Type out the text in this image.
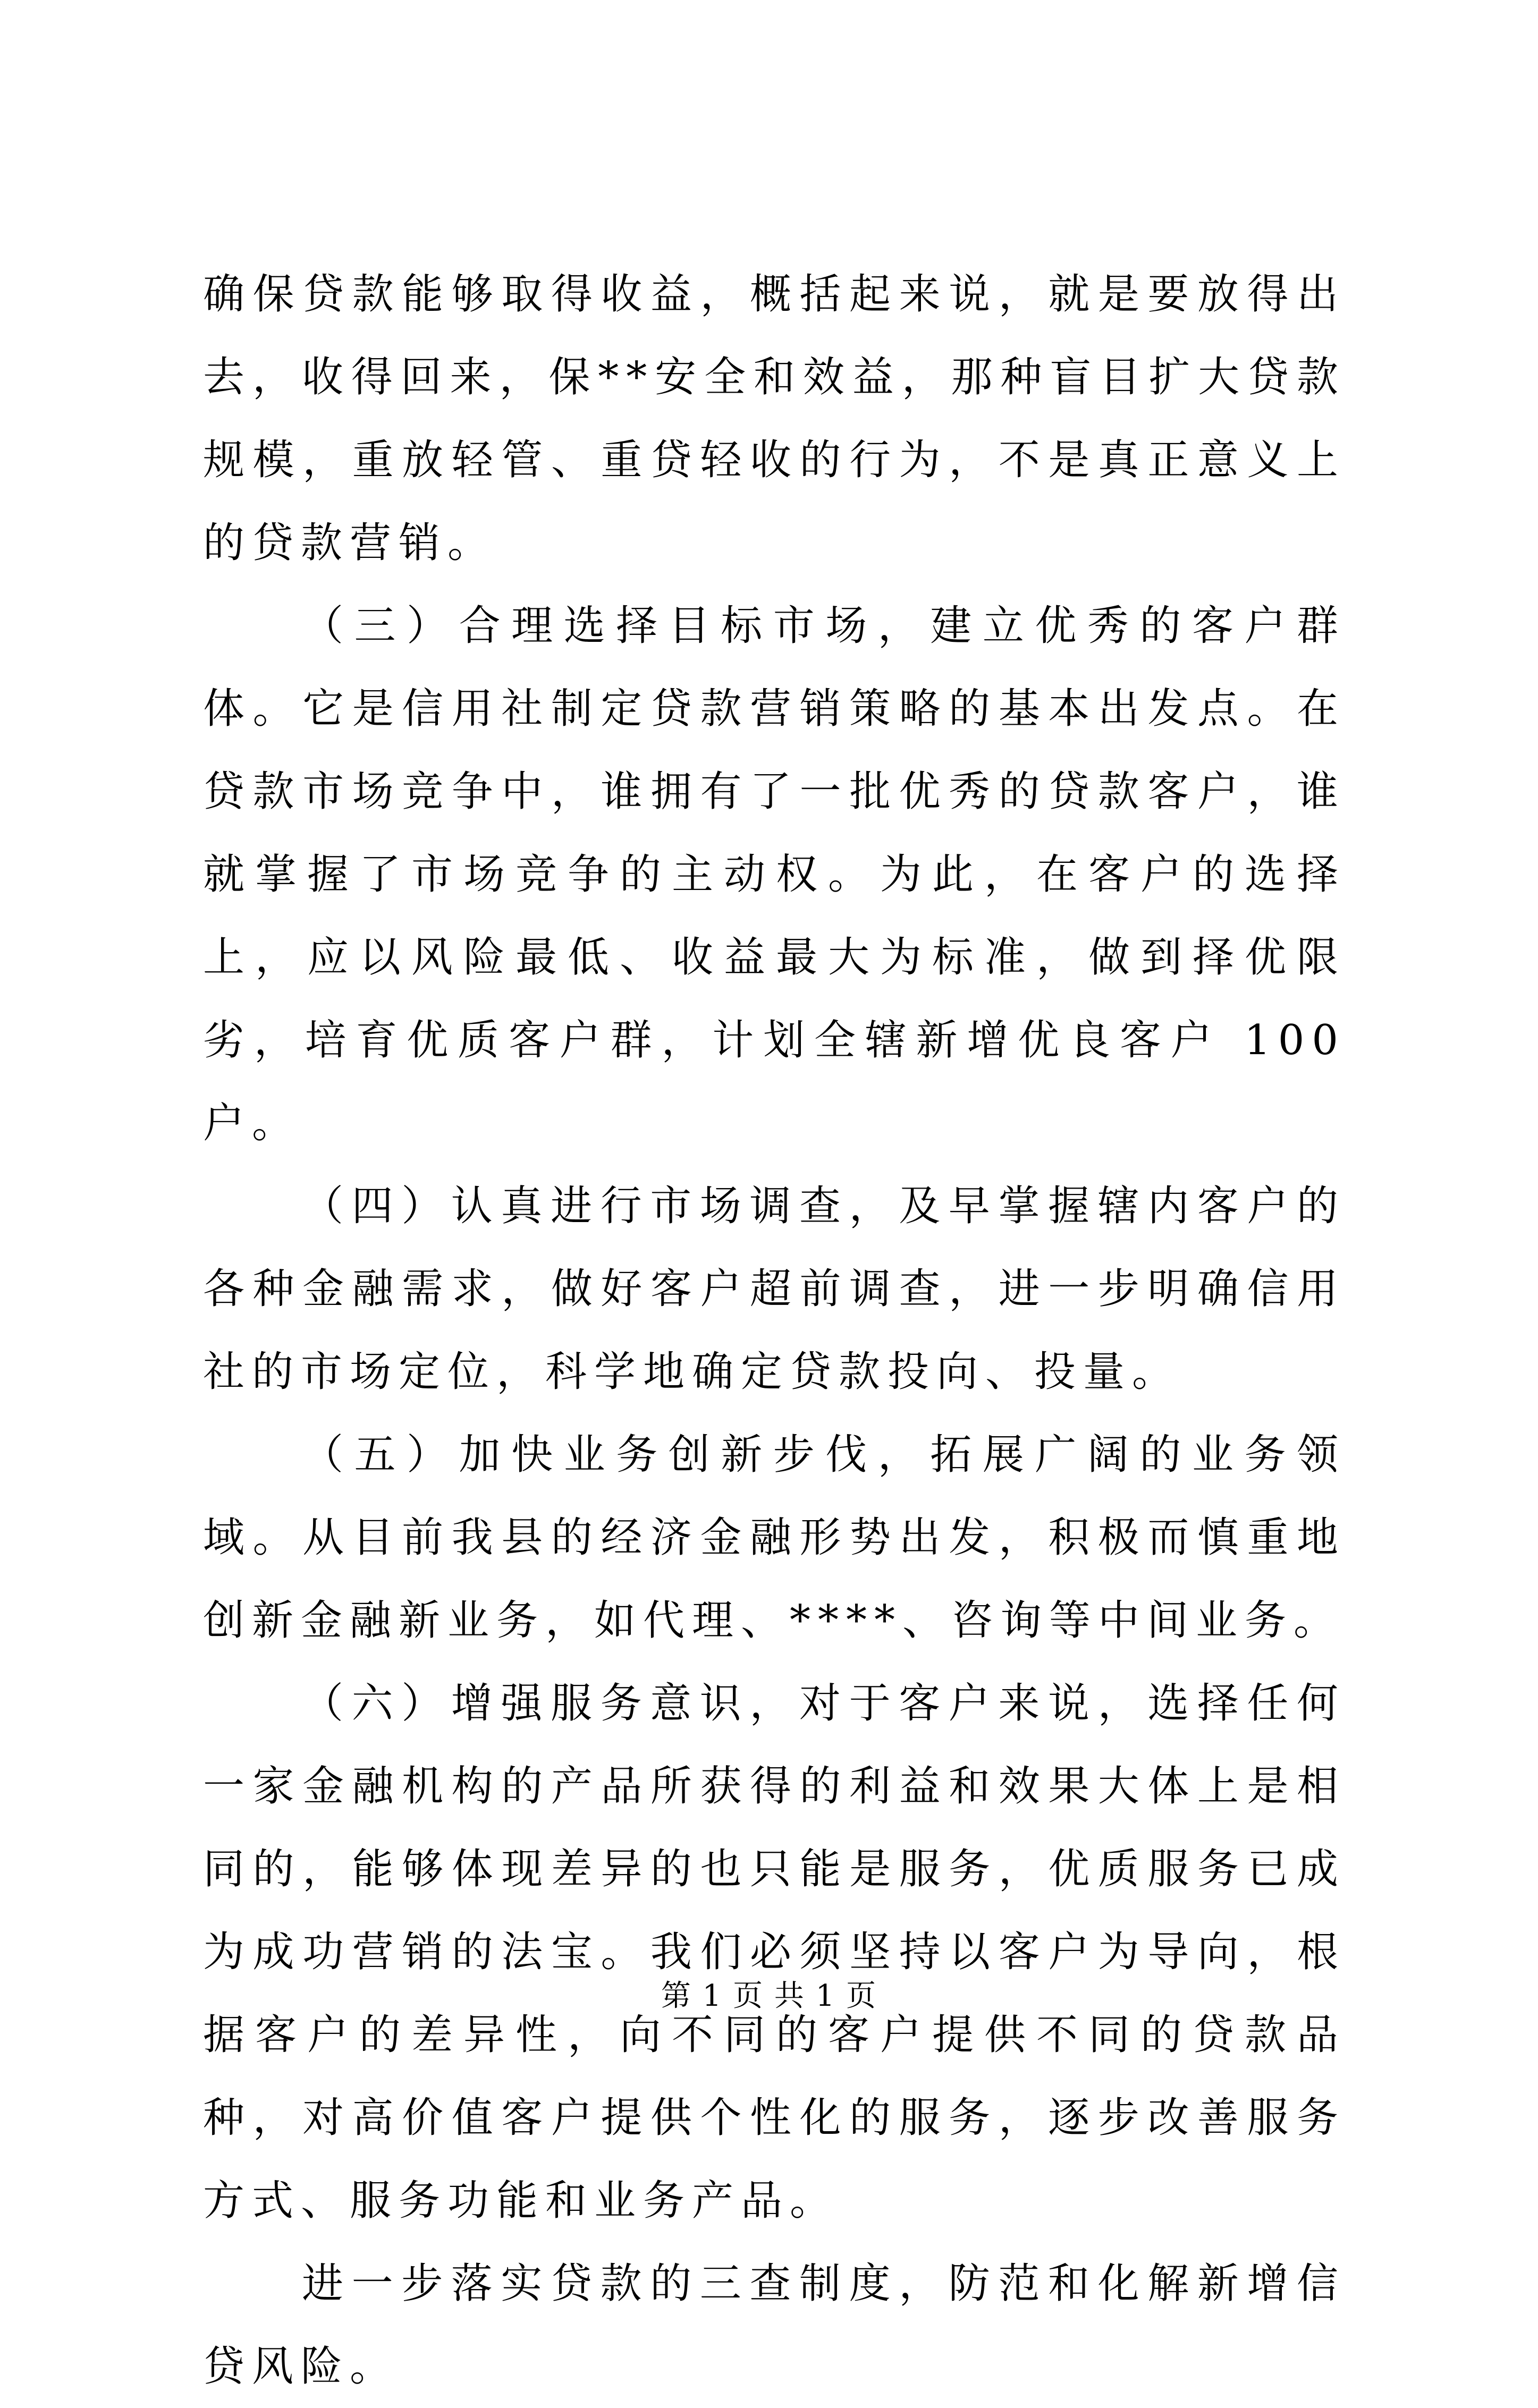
确保贷款能够取得收益，概括起来说，就是要放得出去，收得回来，保**安全和效益，那种盲目扩大贷款规模，重放轻管、重贷轻收的行为，不是真正意义上的贷款营销。

（三）合理选择目标市场，建立优秀的客户群体。它是信用社制定贷款营销策略的基本出发点。在贷款市场竞争中，谁拥有了一批优秀的贷款客户，谁就掌握了市场竞争的主动权。为此，在客户的选择上，应以风险最低、收益最大为标准，做到择优限劣，培育优质客户群，计划全辖新增优良客户 100 户。

（四）认真进行市场调查，及早掌握辖内客户的各种金融需求，做好客户超前调查，进一步明确信用社的市场定位，科学地确定贷款投向、投量。

（五）加快业务创新步伐，拓展广阔的业务领域。从目前我县的经济金融形势出发，积极而慎重地创新金融新业务，如代理、****、咨询等中间业务。

（六）增强服务意识，对于客户来说，选择任何一家金融机构的产品所获得的利益和效果大体上是相同的，能够体现差异的也只能是服务，优质服务已成为成功营销的法宝。我们必须坚持以客户为导向，根据客户的差异性，向不同的客户提供不同的贷款品种，对高价值客户提供个性化的服务，逐步改善服务方式、服务功能和业务产品。

进一步落实贷款的三查制度，防范和化解新增信贷风险。

第 1 页 共 1 页
